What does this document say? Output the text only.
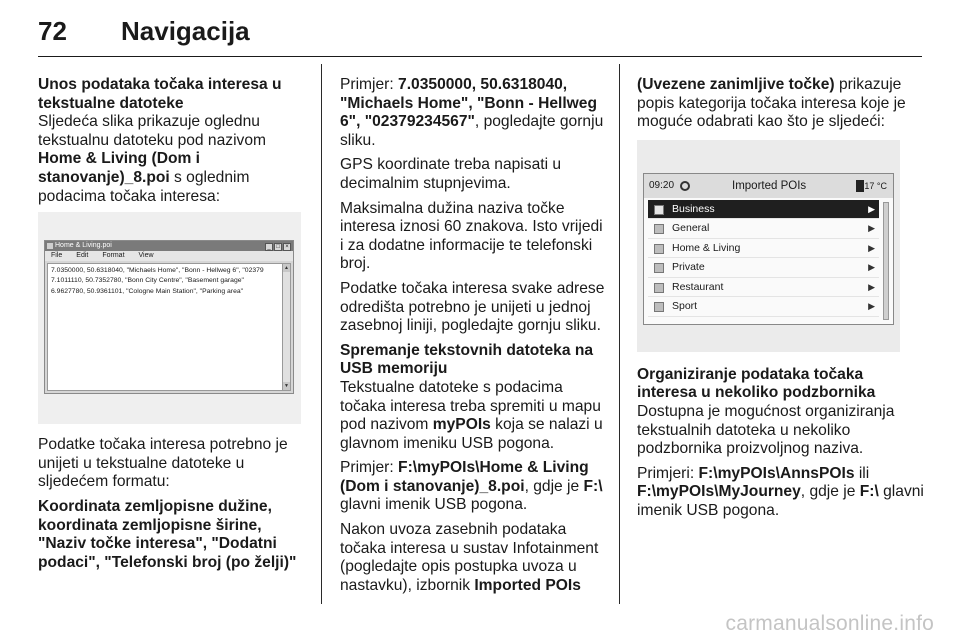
72 Navigacija

Unos podataka točaka interesa u tekstualne datoteke

Sljedeća slika prikazuje oglednu tekstualnu datoteku pod nazivom Home & Living (Dom i stanovanje)_8.poi s oglednim podacima točaka interesa:

Home & Living.poi	_ □ ×
File Edit Format View
7.0350000, 50.6318040, "Michaels Home", "Bonn - Hellweg 6", "02379
7.1011110, 50.7352780, "Bonn City Centre", "Basement garage"
6.9627780, 50.9361101, "Cologne Main Station", "Parking area"
▲
▼

Podatke točaka interesa potrebno je unijeti u tekstualne datoteke u sljedećem formatu:

Koordinata zemljopisne dužine, koordinata zemljopisne širine, "Naziv točke interesa", "Dodatni podaci", "Telefonski broj (po želji)"

Primjer: 7.0350000, 50.6318040, "Michaels Home", "Bonn - Hellweg 6", "02379234567", pogledajte gornju sliku.

GPS koordinate treba napisati u decimalnim stupnjevima.

Maksimalna dužina naziva točke interesa iznosi 60 znakova. Isto vrijedi i za dodatne informacije te telefonski broj.

Podatke točaka interesa svake adrese odredišta potrebno je unijeti u jednoj zasebnoj liniji, pogledajte gornju sliku.

Spremanje tekstovnih datoteka na USB memoriju

Tekstualne datoteke s podacima točaka interesa treba spremiti u mapu pod nazivom myPOIs koja se nalazi u glavnom imeniku USB pogona.

Primjer: F:\myPOIs\Home & Living (Dom i stanovanje)_8.poi, gdje je F:\ glavni imenik USB pogona.

Nakon uvoza zasebnih podataka točaka interesa u sustav Infotainment (pogledajte opis postupka uvoza u nastavku), izbornik Imported POIs

(Uvezene zanimljive točke) prikazuje popis kategorija točaka interesa koje je moguće odabrati kao što je sljedeći:

09:20	Imported POIs	17 °C
Business	▶
General	▶
Home & Living	▶
Private	▶
Restaurant	▶
Sport	▶

Organiziranje podataka točaka interesa u nekoliko podzbornika

Dostupna je mogućnost organiziranja tekstualnih datoteka u nekoliko podzbornika proizvoljnog naziva.

Primjeri: F:\myPOIs\AnnsPOIs ili F:\myPOIs\MyJourney, gdje je F:\ glavni imenik USB pogona.

carmanualsonline.info
